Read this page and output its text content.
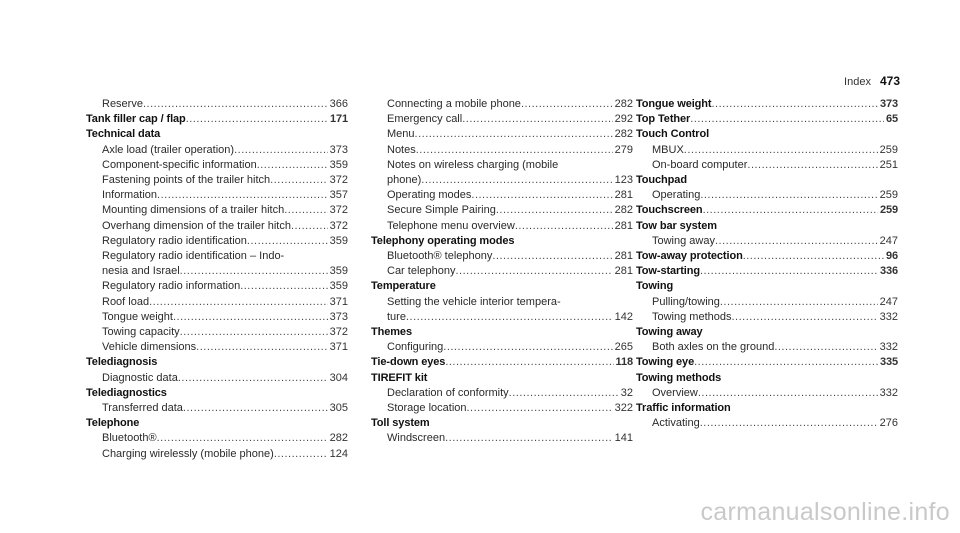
Index 473
Reserve .....	366
Tank filler cap / flap .....	171
Technical data
Axle load (trailer operation) .....	373
Component-specific information .....	359
Fastening points of the trailer hitch .....	372
Information .....	357
Mounting dimensions of a trailer hitch .....	372
Overhang dimension of the trailer hitch .....	372
Regulatory radio identification .....	359
Regulatory radio identification – Indo-
nesia and Israel .....	359
Regulatory radio information .....	359
Roof load .....	371
Tongue weight .....	373
Towing capacity .....	372
Vehicle dimensions .....	371
Telediagnosis
Diagnostic data .....	304
Telediagnostics
Transferred data .....	305
Telephone
Bluetooth® .....	282
Charging wirelessly (mobile phone) .....	124
Connecting a mobile phone .....	282
Emergency call .....	292
Menu .....	282
Notes .....	279
Notes on wireless charging (mobile
phone) .....	123
Operating modes .....	281
Secure Simple Pairing .....	282
Telephone menu overview .....	281
Telephony operating modes
Bluetooth® telephony .....	281
Car telephony .....	281
Temperature
Setting the vehicle interior tempera-
ture .....	142
Themes
Configuring .....	265
Tie-down eyes .....	118
TIREFIT kit
Declaration of conformity .....	32
Storage location .....	322
Toll system
Windscreen .....	141
Tongue weight .....	373
Top Tether .....	65
Touch Control
MBUX .....	259
On-board computer .....	251
Touchpad
Operating .....	259
Touchscreen .....	259
Tow bar system
Towing away .....	247
Tow-away protection .....	96
Tow-starting .....	336
Towing
Pulling/towing .....	247
Towing methods .....	332
Towing away
Both axles on the ground .....	332
Towing eye .....	335
Towing methods
Overview .....	332
Traffic information
Activating .....	276
carmanualsonline.info
